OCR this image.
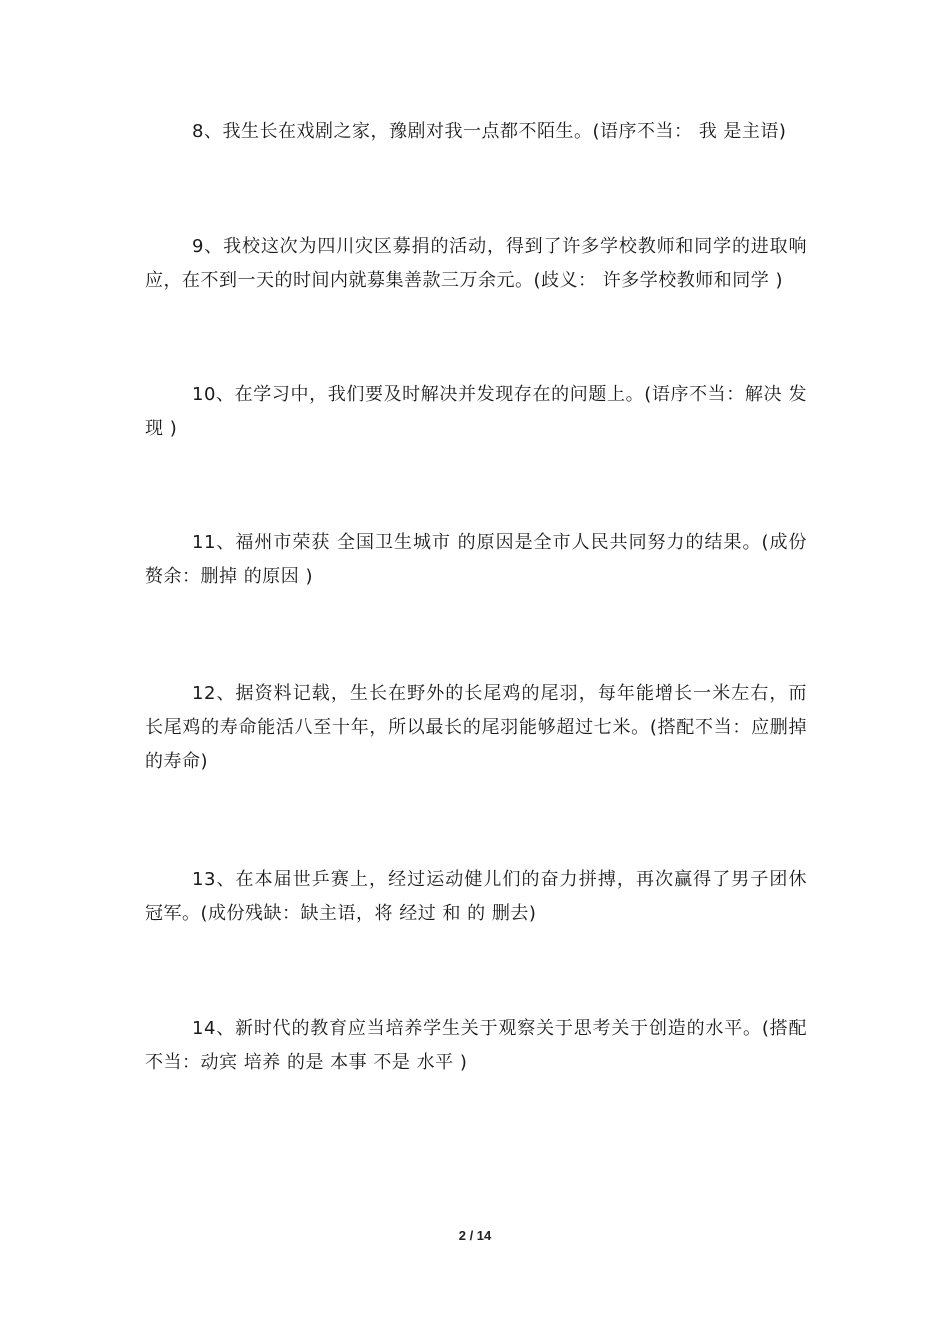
8、我生长在戏剧之家，豫剧对我一点都不陌生。(语序不当： 我 是主语)

9、我校这次为四川灾区募捐的活动，得到了许多学校教师和同学的进取响应，在不到一天的时间内就募集善款三万余元。(歧义： 许多学校教师和同学 )

10、在学习中，我们要及时解决并发现存在的问题上。(语序不当：解决 发现 )

11、福州市荣获 全国卫生城市 的原因是全市人民共同努力的结果。(成份赘余：删掉 的原因 )

12、据资料记载，生长在野外的长尾鸡的尾羽，每年能增长一米左右，而长尾鸡的寿命能活八至十年，所以最长的尾羽能够超过七米。(搭配不当：应删掉 的寿命)

13、在本届世乒赛上，经过运动健儿们的奋力拼搏，再次赢得了男子团休冠军。(成份残缺：缺主语，将 经过 和 的 删去)

14、新时代的教育应当培养学生关于观察关于思考关于创造的水平。(搭配不当：动宾 培养 的是 本事 不是 水平 )

2 / 14
